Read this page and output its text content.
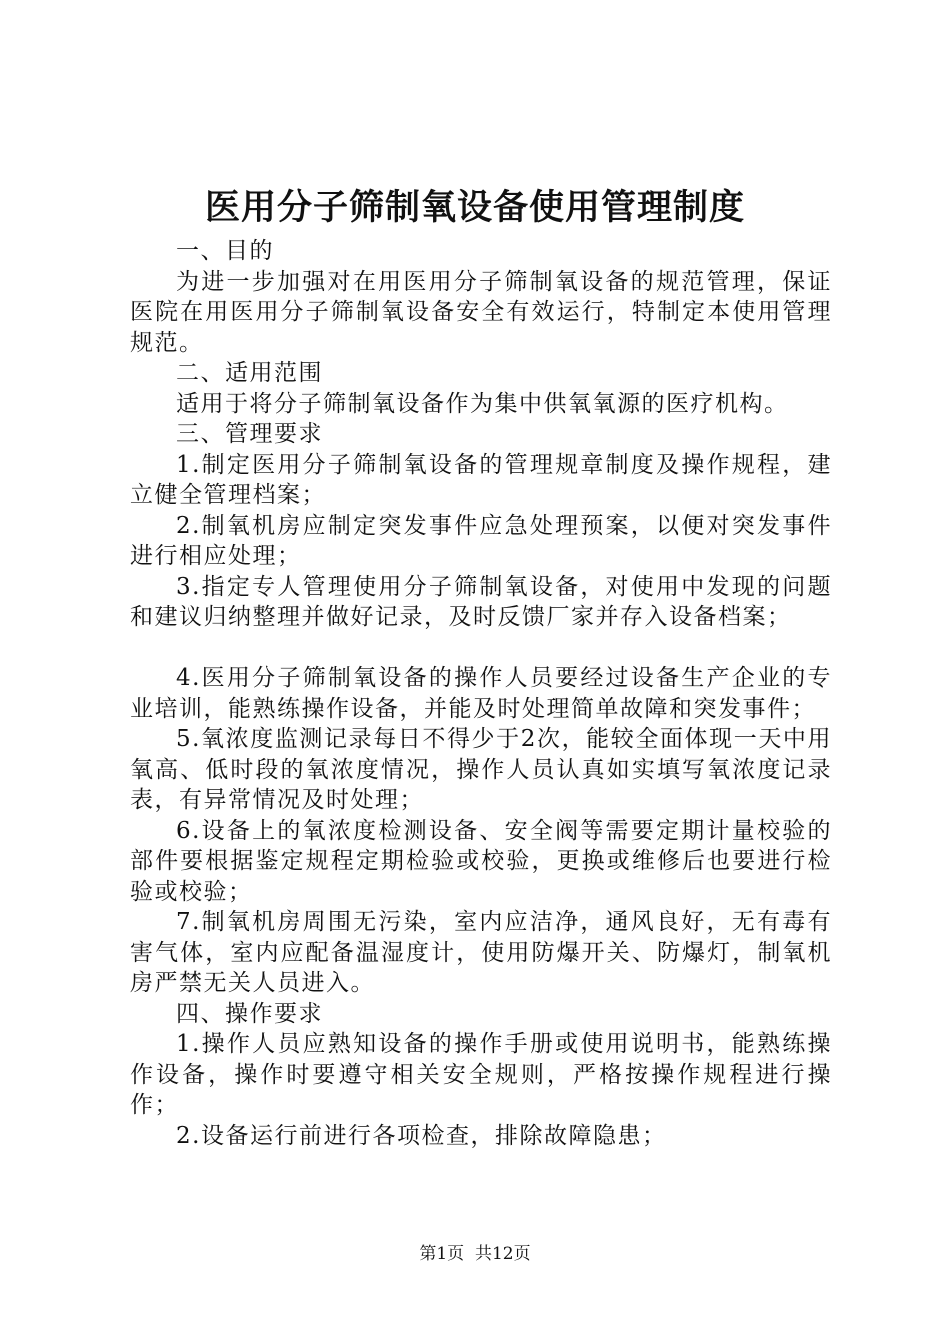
医用分子筛制氧设备使用管理制度

一、目的

为进一步加强对在用医用分子筛制氧设备的规范管理，保证医院在用医用分子筛制氧设备安全有效运行，特制定本使用管理规范。

二、适用范围

适用于将分子筛制氧设备作为集中供氧氧源的医疗机构。

三、管理要求

1.制定医用分子筛制氧设备的管理规章制度及操作规程，建立健全管理档案；

2.制氧机房应制定突发事件应急处理预案，以便对突发事件进行相应处理；

3.指定专人管理使用分子筛制氧设备，对使用中发现的问题和建议归纳整理并做好记录，及时反馈厂家并存入设备档案；

4.医用分子筛制氧设备的操作人员要经过设备生产企业的专业培训，能熟练操作设备，并能及时处理简单故障和突发事件；

5.氧浓度监测记录每日不得少于2次，能较全面体现一天中用氧高、低时段的氧浓度情况，操作人员认真如实填写氧浓度记录表，有异常情况及时处理；

6.设备上的氧浓度检测设备、安全阀等需要定期计量校验的部件要根据鉴定规程定期检验或校验，更换或维修后也要进行检验或校验；

7.制氧机房周围无污染，室内应洁净，通风良好，无有毒有害气体，室内应配备温湿度计，使用防爆开关、防爆灯，制氧机房严禁无关人员进入。

四、操作要求

1.操作人员应熟知设备的操作手册或使用说明书，能熟练操作设备，操作时要遵守相关安全规则，严格按操作规程进行操作；

2.设备运行前进行各项检查，排除故障隐患；

第1页  共12页
